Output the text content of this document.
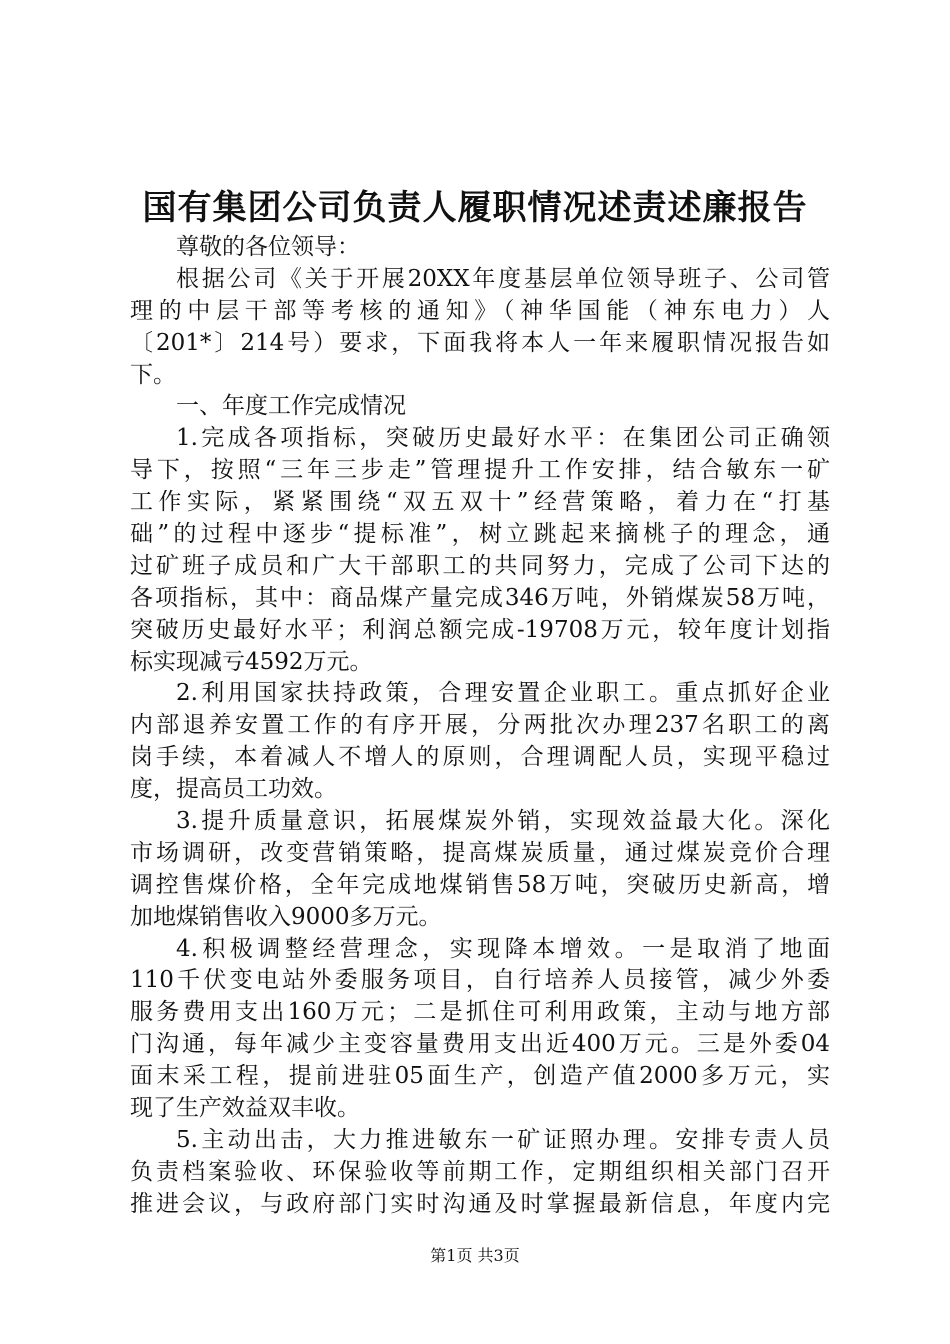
国有集团公司负责人履职情况述责述廉报告
尊敬的各位领导：
根据公司《关于开展20XX年度基层单位领导班子、公司管
理的中层干部等考核的通知》（神华国能（神东电力）人
〔201*〕214号）要求，下面我将本人一年来履职情况报告如
下。
一、年度工作完成情况
1.完成各项指标，突破历史最好水平：在集团公司正确领
导下，按照“三年三步走”管理提升工作安排，结合敏东一矿
工作实际，紧紧围绕“双五双十”经营策略，着力在“打基
础”的过程中逐步“提标准”，树立跳起来摘桃子的理念，通
过矿班子成员和广大干部职工的共同努力，完成了公司下达的
各项指标，其中：商品煤产量完成346万吨，外销煤炭58万吨，
突破历史最好水平；利润总额完成-19708万元，较年度计划指
标实现减亏4592万元。
2.利用国家扶持政策，合理安置企业职工。重点抓好企业
内部退养安置工作的有序开展，分两批次办理237名职工的离
岗手续，本着减人不增人的原则，合理调配人员，实现平稳过
度，提高员工功效。
3.提升质量意识，拓展煤炭外销，实现效益最大化。深化
市场调研，改变营销策略，提高煤炭质量，通过煤炭竞价合理
调控售煤价格，全年完成地煤销售58万吨，突破历史新高，增
加地煤销售收入9000多万元。
4.积极调整经营理念，实现降本增效。一是取消了地面
110千伏变电站外委服务项目，自行培养人员接管，减少外委
服务费用支出160万元；二是抓住可利用政策，主动与地方部
门沟通，每年减少主变容量费用支出近400万元。三是外委04
面末采工程，提前进驻05面生产，创造产值2000多万元，实
现了生产效益双丰收。
5.主动出击，大力推进敏东一矿证照办理。安排专责人员
负责档案验收、环保验收等前期工作，定期组织相关部门召开
推进会议，与政府部门实时沟通及时掌握最新信息，年度内完
第1页 共3页
